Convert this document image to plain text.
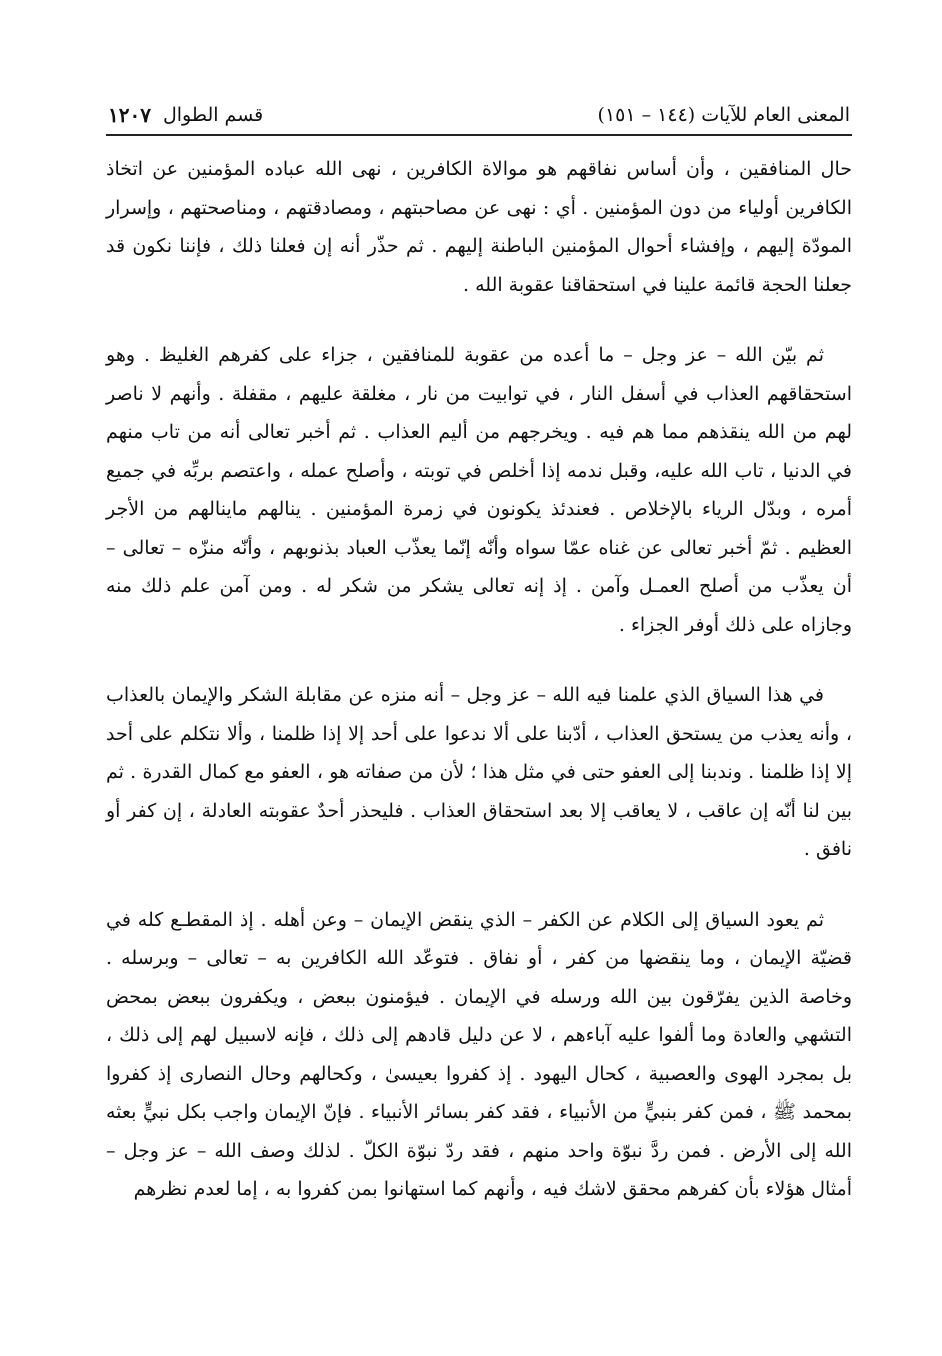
المعنى العام للآيات (١٤٤ – ١٥١)
قسم الطوال
١٢٠٧

حال المنافقين ، وأن أساس نفاقهم هو موالاة الكافرين ، نهى الله عباده المؤمنين عن اتخاذ الكافرين أولياء من دون المؤمنين . أي : نهى عن مصاحبتهم ، ومصادقتهم ، ومناصحتهم ، وإسرار المودّة إليهم ، وإفشاء أحوال المؤمنين الباطنة إليهم . ثم حذّر أنه إن فعلنا ذلك ، فإننا نكون قد جعلنا الحجة قائمة علينا في استحقاقنا عقوبة الله .

ثم بيّن الله – عز وجل – ما أعده من عقوبة للمنافقين ، جزاء على كفرهم الغليظ . وهو استحقاقهم العذاب في أسفل النار ، في توابيت من نار ، مغلقة عليهم ، مقفلة . وأنهم لا ناصر لهم من الله ينقذهم مما هم فيه . ويخرجهم من أليم العذاب . ثم أخبر تعالى أنه من تاب منهم في الدنيا ، تاب الله عليه، وقبل ندمه إذا أخلص في توبته ، وأصلح عمله ، واعتصم بربِّه في جميع أمره ، وبدّل الرياء بالإخلاص . فعندئذ يكونون في زمرة المؤمنين . ينالهم ماينالهم من الأجر العظيم . ثمّ أخبر تعالى عن غناه عمّا سواه وأنّه إنّما يعذّب العباد بذنوبهم ، وأنّه منزّه – تعالى – أن يعذّب من أصلح العمـل وآمن . إذ إنه تعالى يشكر من شكر له . ومن آمن علم ذلك منه وجازاه على ذلك أوفر الجزاء .

في هذا السياق الذي علمنا فيه الله – عز وجل – أنه منزه عن مقابلة الشكر والإيمان بالعذاب ، وأنه يعذب من يستحق العذاب ، أدّبنا على ألا ندعوا على أحد إلا إذا ظلمنا ، وألا نتكلم على أحد إلا إذا ظلمنا . وندبنا إلى العفو حتى في مثل هذا ؛ لأن من صفاته هو ، العفو مع كمال القدرة . ثم بين لنا أنّه إن عاقب ، لا يعاقب إلا بعد استحقاق العذاب . فليحذر أحدٌ عقوبته العادلة ، إن كفر أو نافق .

ثم يعود السياق إلى الكلام عن الكفر – الذي ينقض الإيمان – وعن أهله . إذ المقطـع كله في قضيّة الإيمان ، وما ينقضها من كفر ، أو نفاق . فتوعّد الله الكافرين به – تعالى – وبرسله . وخاصة الذين يفرّقون بين الله ورسله في الإيمان . فيؤمنون ببعض ، ويكفرون ببعض بمحض التشهي والعادة وما ألفوا عليه آباءهم ، لا عن دليل قادهم إلى ذلك ، فإنه لاسبيل لهم إلى ذلك ، بل بمجرد الهوى والعصبية ، كحال اليهود . إذ كفروا بعيسىٰ ، وكحالهم وحال النصارى إذ كفروا بمحمد ﷺ ، فمن كفر بنبيٍّ من الأنبياء ، فقد كفر بسائر الأنبياء . فإنّ الإيمان واجب بكل نبيٍّ بعثه الله إلى الأرض . فمن ردَّ نبوّة واحد منهم ، فقد ردّ نبوّة الكلّ . لذلك وصف الله – عز وجل – أمثال هؤلاء بأن كفرهم محقق لاشك فيه ، وأنهم كما استهانوا بمن كفروا به ، إما لعدم نظرهم
